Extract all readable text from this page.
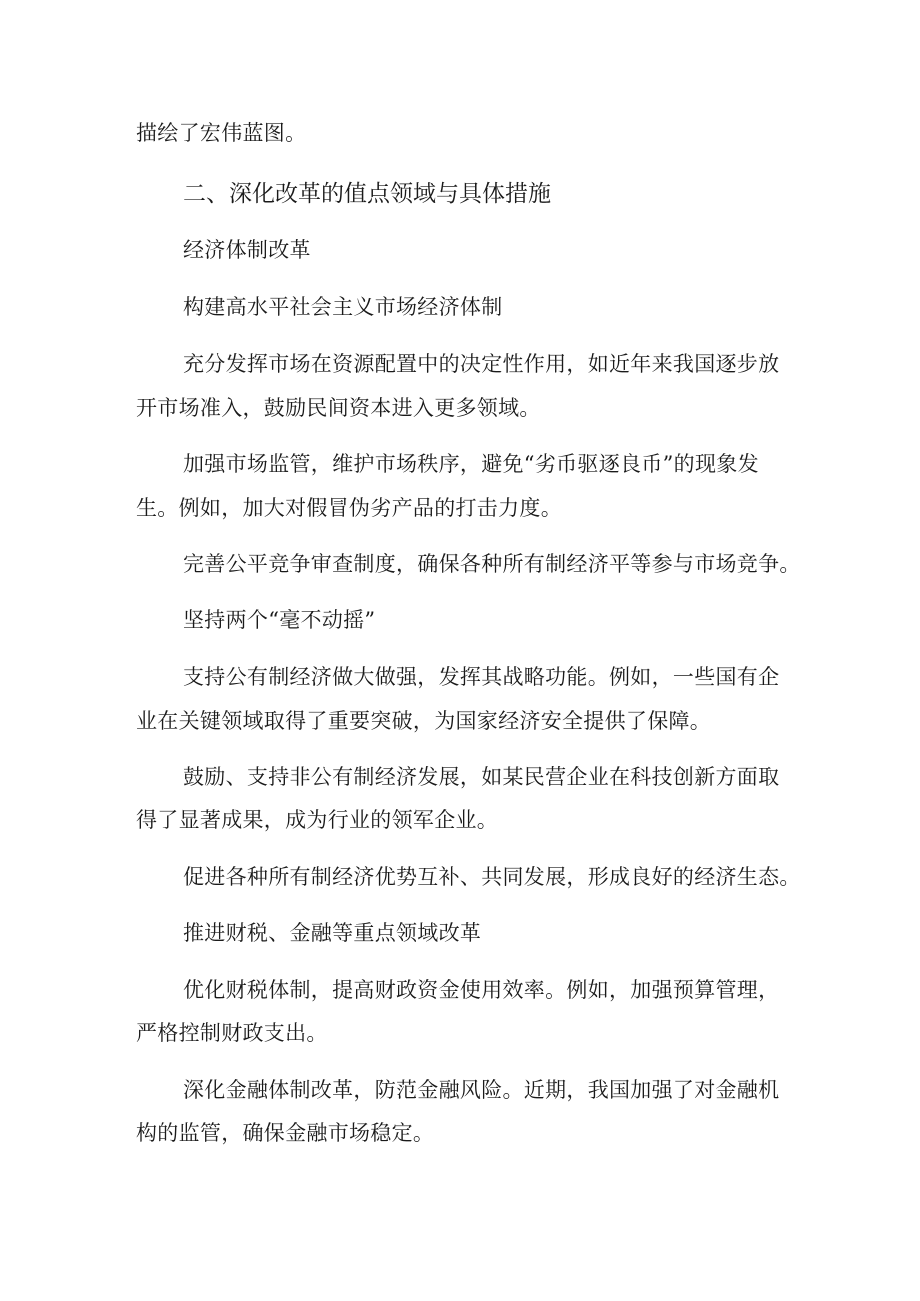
描绘了宏伟蓝图。
二、深化改革的值点领域与具体措施
经济体制改革
构建高水平社会主义市场经济体制
充分发挥市场在资源配置中的决定性作用，如近年来我国逐步放
开市场准入，鼓励民间资本进入更多领域。
加强市场监管，维护市场秩序，避免“劣币驱逐良币”的现象发
生。例如，加大对假冒伪劣产品的打击力度。
完善公平竞争审查制度，确保各种所有制经济平等参与市场竞争。
坚持两个“毫不动摇”
支持公有制经济做大做强，发挥其战略功能。例如，一些国有企
业在关键领域取得了重要突破，为国家经济安全提供了保障。
鼓励、支持非公有制经济发展，如某民营企业在科技创新方面取
得了显著成果，成为行业的领军企业。
促进各种所有制经济优势互补、共同发展，形成良好的经济生态。
推进财税、金融等重点领域改革
优化财税体制，提高财政资金使用效率。例如，加强预算管理，
严格控制财政支出。
深化金融体制改革，防范金融风险。近期，我国加强了对金融机
构的监管，确保金融市场稳定。
